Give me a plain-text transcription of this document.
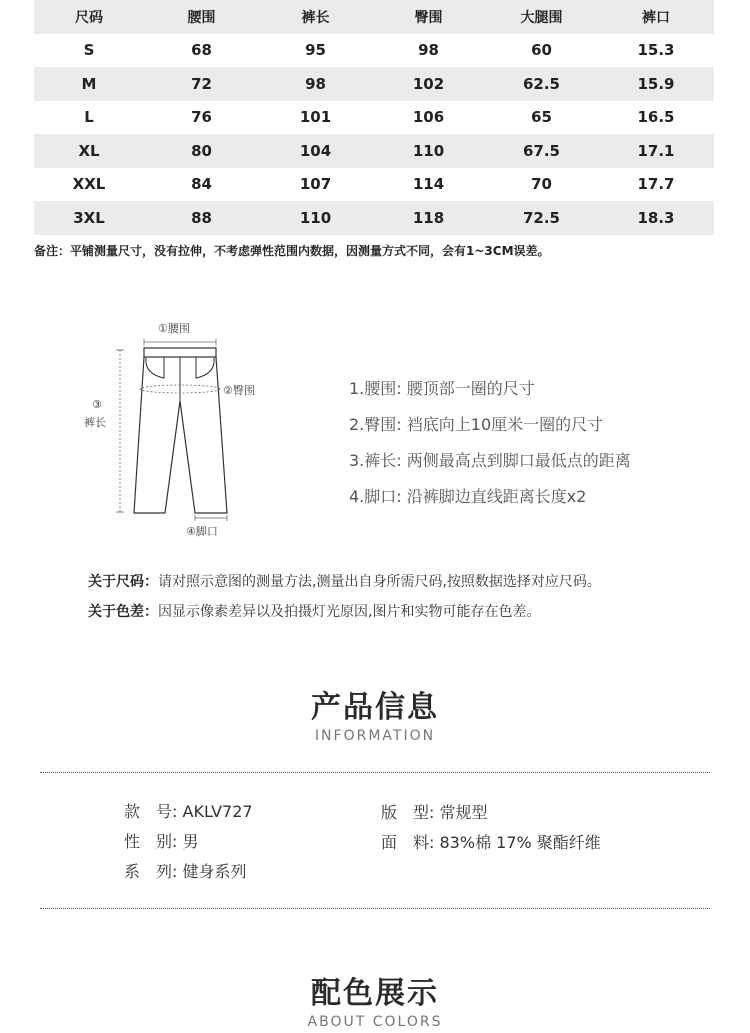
尺码	腰围	裤长	臀围	大腿围	裤口
S	68	95	98	60	15.3
M	72	98	102	62.5	15.9
L	76	101	106	65	16.5
XL	80	104	110	67.5	17.1
XXL	84	107	114	70	17.7
3XL	88	110	118	72.5	18.3
备注：平铺测量尺寸，没有拉伸，不考虑弹性范围内数据，因测量方式不同，会有1~3CM误差。
①腰围
②臀围
③
裤长
④脚口
1.腰围: 腰顶部一圈的尺寸
2.臀围: 裆底向上10厘米一圈的尺寸
3.裤长: 两侧最高点到脚口最低点的距离
4.脚口: 沿裤脚边直线距离长度x2
关于尺码：请对照示意图的测量方法,测量出自身所需尺码,按照数据选择对应尺码。
关于色差：因显示像素差异以及拍摄灯光原因,图片和实物可能存在色差。
产品信息
INFORMATION
款　号: AKLV727	版　型: 常规型
性　别: 男	面　料: 83%棉 17% 聚酯纤维
系　列: 健身系列
配色展示
ABOUT COLORS
